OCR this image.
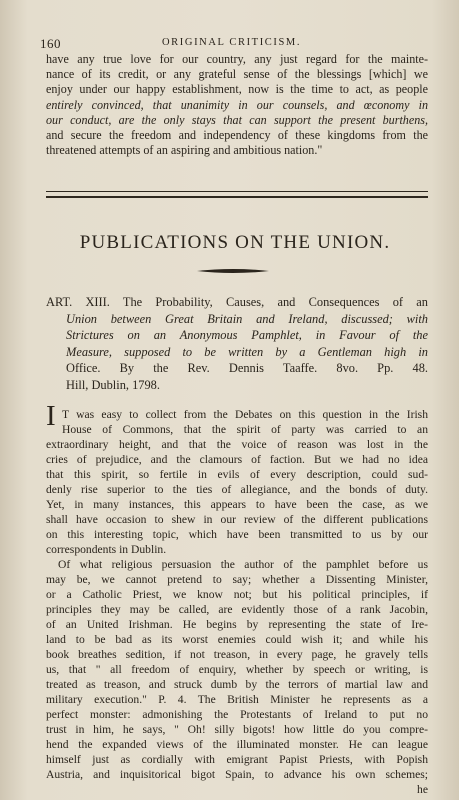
160	ORIGINAL CRITICISM.
have any true love for our country, any just regard for the mainte-
nance of its credit, or any grateful sense of the blessings [which] we
enjoy under our happy establishment, now is the time to act, as people
entirely convinced, that unanimity in our counsels, and œconomy in
our conduct, are the only stays that can support the present burthens,
and secure the freedom and independency of these kingdoms from the
threatened attempts of an aspiring and ambitious nation."
PUBLICATIONS ON THE UNION.
ART. XIII. The Probability, Causes, and Consequences of an
Union between Great Britain and Ireland, discussed; with
Strictures on an Anonymous Pamphlet, in Favour of the
Measure, supposed to be written by a Gentleman high in
Office. By the Rev. Dennis Taaffe. 8vo. Pp. 48.
Hill, Dublin, 1798.
I T was easy to collect from the Debates on this question in the Irish
House of Commons, that the spirit of party was carried to an
extraordinary height, and that the voice of reason was lost in the
cries of prejudice, and the clamours of faction. But we had no idea
that this spirit, so fertile in evils of every description, could sud-
denly rise superior to the ties of allegiance, and the bonds of duty.
Yet, in many instances, this appears to have been the case, as we
shall have occasion to shew in our review of the different publications
on this interesting topic, which have been transmitted to us by our
correspondents in Dublin.
Of what religious persuasion the author of the pamphlet before us
may be, we cannot pretend to say; whether a Dissenting Minister,
or a Catholic Priest, we know not; but his political principles, if
principles they may be called, are evidently those of a rank Jacobin,
of an United Irishman. He begins by representing the state of Ire-
land to be bad as its worst enemies could wish it; and while his
book breathes sedition, if not treason, in every page, he gravely tells
us, that " all freedom of enquiry, whether by speech or writing, is
treated as treason, and struck dumb by the terrors of martial law and
military execution." P. 4. The British Minister he represents as a
perfect monster: admonishing the Protestants of Ireland to put no
trust in him, he says, " Oh! silly bigots! how little do you compre-
hend the expanded views of the illuminated monster. He can league
himself just as cordially with emigrant Papist Priests, with Popish
Austria, and inquisitorical bigot Spain, to advance his own schemes;
he
